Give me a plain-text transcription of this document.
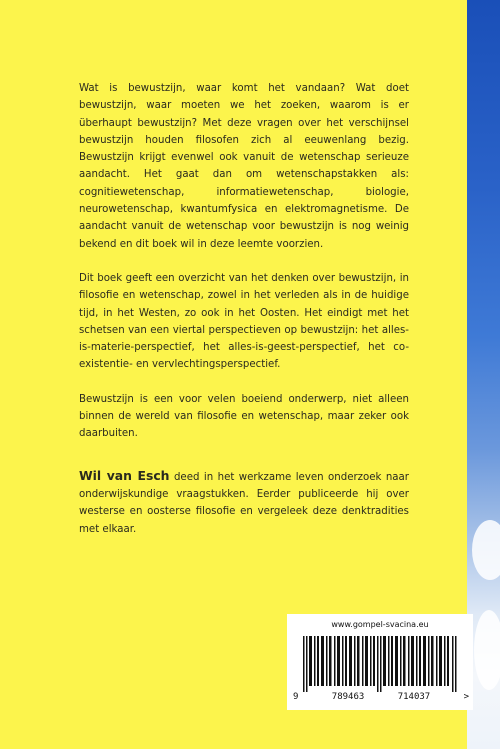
Wat is bewustzijn, waar komt het vandaan? Wat doet bewustzijn, waar moeten we het zoeken, waarom is er überhaupt bewustzijn? Met deze vragen over het verschijnsel bewustzijn houden filosofen zich al eeuwenlang bezig. Bewustzijn krijgt evenwel ook vanuit de wetenschap serieuze aandacht. Het gaat dan om wetenschapstakken als: cognitiewetenschap, informatiewetenschap, biologie, neurowetenschap, kwantumfysica en elektromagnetisme. De aandacht vanuit de wetenschap voor bewustzijn is nog weinig bekend en dit boek wil in deze leemte voorzien.

Dit boek geeft een overzicht van het denken over bewustzijn, in filosofie en wetenschap, zowel in het verleden als in de huidige tijd, in het Westen, zo ook in het Oosten. Het eindigt met het schetsen van een viertal perspectieven op bewustzijn: het alles-is-materie-perspectief, het alles-is-geest-perspectief, het co-existentie- en vervlechtingsperspectief.

Bewustzijn is een voor velen boeiend onderwerp, niet alleen binnen de wereld van filosofie en wetenschap, maar zeker ook daarbuiten.

Wil van Esch deed in het werkzame leven onderzoek naar onderwijskundige vraagstukken. Eerder publiceerde hij over westerse en oosterse filosofie en vergeleek deze denktradities met elkaar.

www.gompel-svacina.eu
9	789463	714037	>
